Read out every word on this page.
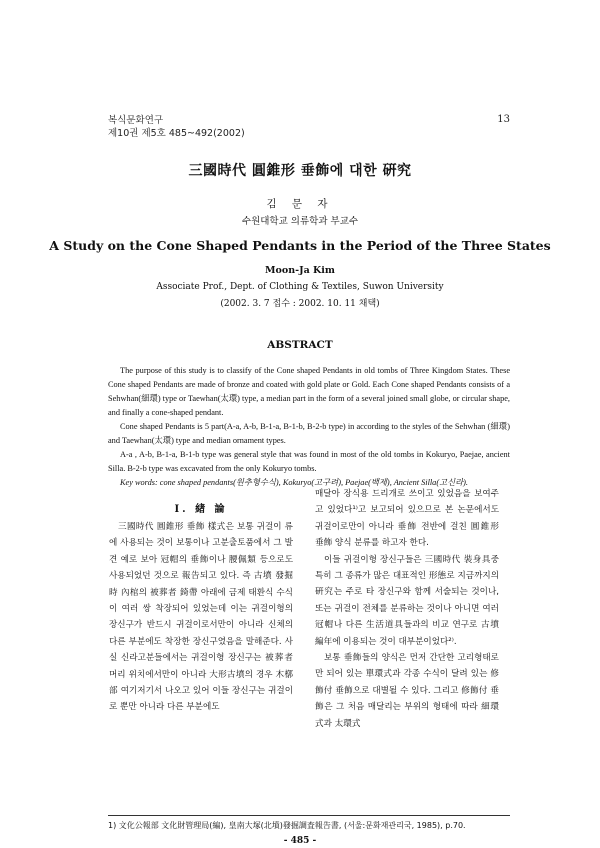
복식문화연구
제10권 제5호 485~492(2002)
13
三國時代 圓錐形 垂飾에 대한 硏究
김 문 자
수원대학교 의류학과 부교수
A Study on the Cone Shaped Pendants in the Period of the Three States
Moon-Ja Kim
Associate Prof., Dept. of Clothing & Textiles, Suwon University
(2002. 3. 7 접수 : 2002. 10. 11 채택)
ABSTRACT

The purpose of this study is to classify of the Cone shaped Pendants in old tombs of Three Kingdom States. These Cone shaped Pendants are made of bronze and coated with gold plate or Gold. Each Cone shaped Pendants consists of a Sehwhan(細環) type or Taewhan(太環) type, a median part in the form of a several joined small globe, or circular shape, and finally a cone-shaped pendant.

Cone shaped Pendants is 5 part(A-a, A-b, B-1-a, B-1-b, B-2-b type) in according to the styles of the Sehwhan (細環) and Taewhan(太環) type and median ornament types.

A-a , A-b, B-1-a, B-1-b type was general style that was found in most of the old tombs in Kokuryo, Paejae, ancient Silla. B-2-b type was excavated from the only Kokuryo tombs.

Key words: cone shaped pendants(원추형수식), Kokuryo(고구려), Paejae(백제), Ancient Silla(고신라).

I. 緖 論

三國時代 圓錐形 垂飾 樣式은 보통 귀걸이 류에 사용되는 것이 보통이나 고분출토품에서 그 발견 예로 보아 冠帽의 垂飾이나 腰佩類 등으로도 사용되었던 것으로 報告되고 있다. 즉 古墳 發掘時 內棺의 被葬者 錡帶 아래에 금제 태환식 수식이 여러 쌍 착장되어 있었는데 이는 귀걸이형의 장신구가 반드시 귀걸이로서만이 아니라 신체의 다른 부분에도 착장한 장신구였음을 말해준다. 사실 신라고분들에서는 귀걸이형 장신구는 被葬者 머리 위치에서만이 아니라 大形古墳의 경우 木槨部 여기저기서 나오고 있어 이들 장신구는 귀걸이로 뿐만 아니라 다른 부분에도

매달아 장식용 드리개로 쓰이고 있었음을 보여주고 있었다¹⁾고 보고되어 있으므로 본 논문에서도 귀걸이로만이 아니라 垂飾 전반에 걸친 圓錐形 垂飾 양식 분류를 하고자 한다.

이들 귀걸이형 장신구들은 三國時代 裝身具중 특히 그 종류가 많은 대표적인 形態로 지금까지의 硏究는 주로 타 장신구와 함께 서술되는 것이나, 또는 귀걸이 전체를 분류하는 것이나 아니면 여러 冠帽나 다른 生活道具들과의 비교 연구로 古墳 編年에 이용되는 것이 대부분이었다²⁾.

보통 垂飾들의 양식은 먼저 간단한 고리형태로만 되어 있는 單環式과 각종 수식이 달려 있는 修飾付 垂飾으로 대별될 수 있다. 그리고 修飾付 垂飾은 그 처음 매달리는 부위의 형태에 따라 細環式과 太環式

1) 文化公報部 文化財管理局(編), 皇南大塚(北墳)發掘調査報告書, (서울:문화재관리국, 1985), p.70.
- 485 -
